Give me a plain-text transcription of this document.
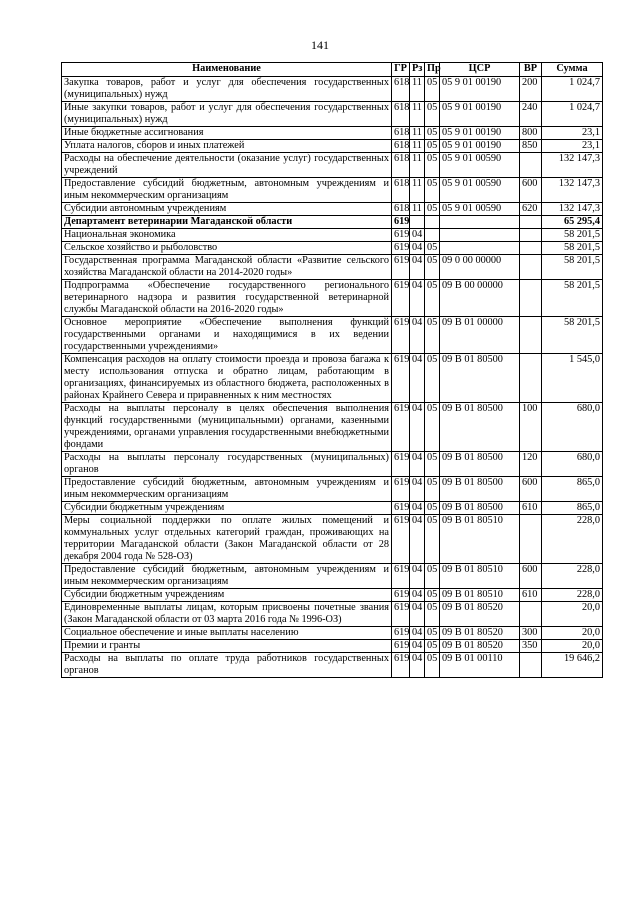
141
Наименование	ГР	Рз	Пр	ЦСР	ВР	Сумма
Закупка товаров, работ и услуг для обеспечения государственных (муниципальных) нужд	618	11	05	05 9 01 00190	200	1 024,7
Иные закупки товаров, работ и услуг для обеспечения государственных (муниципальных) нужд	618	11	05	05 9 01 00190	240	1 024,7
Иные бюджетные ассигнования	618	11	05	05 9 01 00190	800	23,1
Уплата налогов, сборов и иных платежей	618	11	05	05 9 01 00190	850	23,1
Расходы на обеспечение деятельности (оказание услуг) государственных учреждений	618	11	05	05 9 01 00590		132 147,3
Предоставление субсидий бюджетным, автономным учреждениям и иным некоммерческим организациям	618	11	05	05 9 01 00590	600	132 147,3
Субсидии автономным учреждениям	618	11	05	05 9 01 00590	620	132 147,3
Департамент ветеринарии Магаданской области	619					65 295,4
Национальная экономика	619	04				58 201,5
Сельское хозяйство и рыболовство	619	04	05			58 201,5
Государственная программа Магаданской области «Развитие сельского хозяйства Магаданской области на 2014-2020 годы»	619	04	05	09 0 00 00000		58 201,5
Подпрограмма «Обеспечение государственного регионального ветеринарного надзора и развития государственной ветеринарной службы Магаданской области на 2016-2020 годы»	619	04	05	09 В 00 00000		58 201,5
Основное мероприятие «Обеспечение выполнения функций государственными органами и находящимися в их ведении государственными учреждениями»	619	04	05	09 В 01 00000		58 201,5
Компенсация расходов на оплату стоимости проезда и провоза багажа к месту использования отпуска и обратно лицам, работающим в организациях, финансируемых из областного бюджета, расположенных в районах Крайнего Севера и приравненных к ним местностях	619	04	05	09 В 01 80500		1 545,0
Расходы на выплаты персоналу в целях обеспечения выполнения функций государственными (муниципальными) органами, казенными учреждениями, органами управления государственными внебюджетными фондами	619	04	05	09 В 01 80500	100	680,0
Расходы на выплаты персоналу государственных (муниципальных) органов	619	04	05	09 В 01 80500	120	680,0
Предоставление субсидий бюджетным, автономным учреждениям и иным некоммерческим организациям	619	04	05	09 В 01 80500	600	865,0
Субсидии бюджетным учреждениям	619	04	05	09 В 01 80500	610	865,0
Меры социальной поддержки по оплате жилых помещений и коммунальных услуг отдельных категорий граждан, проживающих на территории Магаданской области (Закон Магаданской области от 28 декабря 2004 года № 528-ОЗ)	619	04	05	09 В 01 80510		228,0
Предоставление субсидий бюджетным, автономным учреждениям и иным некоммерческим организациям	619	04	05	09 В 01 80510	600	228,0
Субсидии бюджетным учреждениям	619	04	05	09 В 01 80510	610	228,0
Единовременные выплаты лицам, которым присвоены почетные звания (Закон Магаданской области от 03 марта 2016 года № 1996-ОЗ)	619	04	05	09 В 01 80520		20,0
Социальное обеспечение и иные выплаты населению	619	04	05	09 В 01 80520	300	20,0
Премии и гранты	619	04	05	09 В 01 80520	350	20,0
Расходы на выплаты по оплате труда работников государственных органов	619	04	05	09 В 01 00110		19 646,2
